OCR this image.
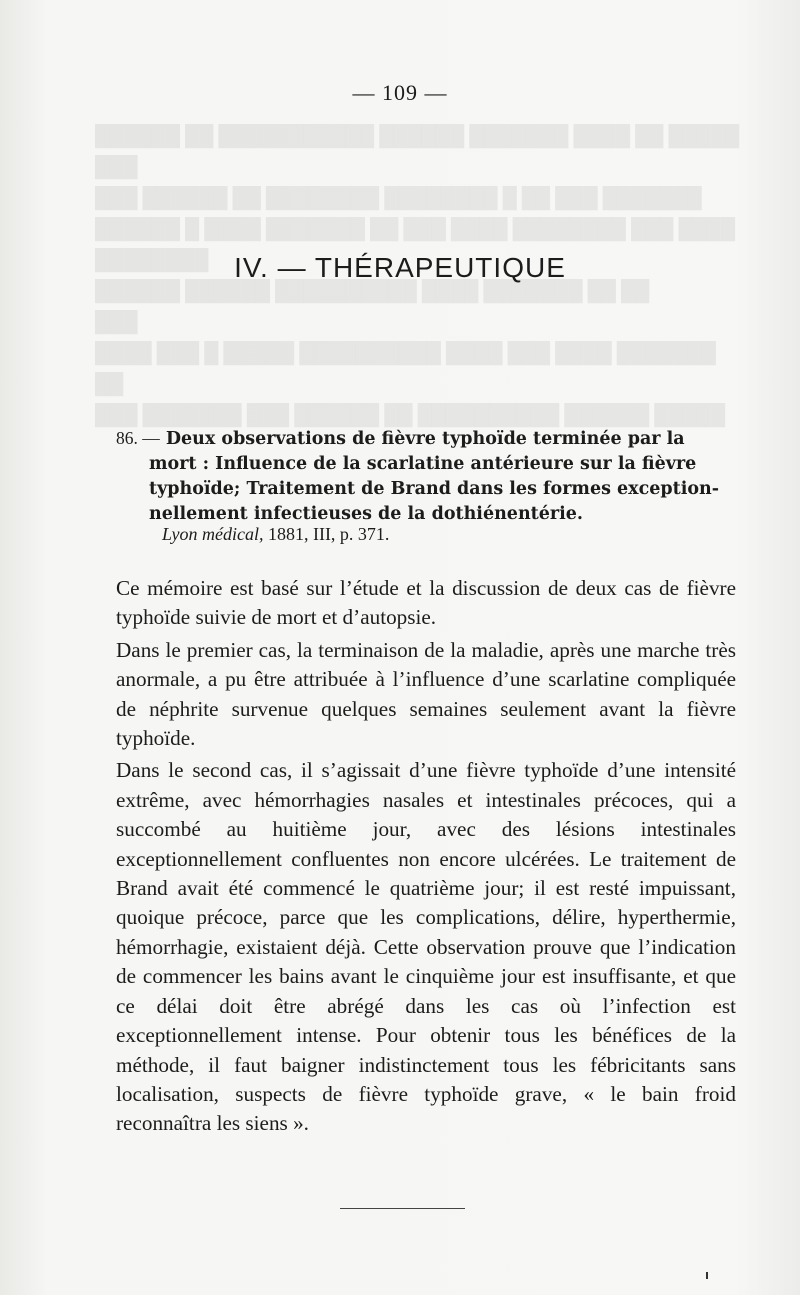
███ ███████ ███ ██████ ██ ██████████ ██████ █████ ██
████ ███ █ █████ ██████████ ████ ███ ████ ███████ ███
██████ ██████ ██████████ ████ ███████ ██ ██ ████████
██████ █ ████ ███████ ██ ███ ████ ████████ ███ ████
███ ██████ ██ ████████ ████████ █ ██ ███ ███████ ███
██████ ██ ███████████ ██████ ███████ ████ ██ █████

— 109 —
IV. — THÉRAPEUTIQUE
86. — Deux observations de fièvre typhoïde terminée par la
mort : Influence de la scarlatine antérieure sur la fièvre
typhoïde; Traitement de Brand dans les formes exception-
nellement infectieuses de la dothiénentérie.
Lyon médical, 1881, III, p. 371.

Ce mémoire est basé sur l’étude et la discussion de deux cas de fièvre typhoïde suivie de mort et d’autopsie.

Dans le premier cas, la terminaison de la maladie, après une marche très anormale, a pu être attribuée à l’influence d’une scarlatine compliquée de néphrite survenue quelques semaines seulement avant la fièvre typhoïde.

Dans le second cas, il s’agissait d’une fièvre typhoïde d’une intensité extrême, avec hémorrhagies nasales et intestinales précoces, qui a succombé au huitième jour, avec des lésions intestinales exceptionnellement confluentes non encore ulcérées. Le traitement de Brand avait été commencé le quatrième jour; il est resté impuissant, quoique précoce, parce que les complications, délire, hyperthermie, hémorrhagie, existaient déjà. Cette observation prouve que l’indication de commencer les bains avant le cinquième jour est insuffisante, et que ce délai doit être abrégé dans les cas où l’infection est exceptionnellement intense. Pour obtenir tous les bénéfices de la méthode, il faut baigner indistinctement tous les fébricitants sans localisation, suspects de fièvre typhoïde grave, « le bain froid reconnaîtra les siens ».
